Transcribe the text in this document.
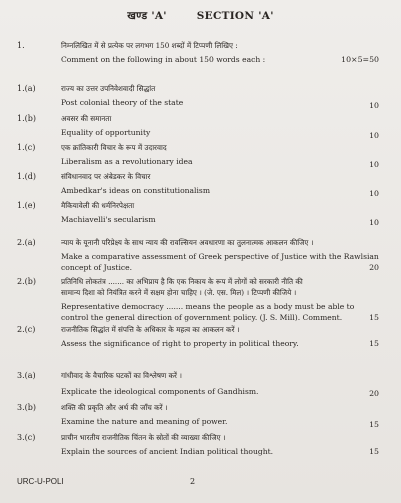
खण्ड 'A'	SECTION 'A'
1.	निम्नलिखित में से प्रत्येक पर लगभग 150 शब्दों में टिप्पणी लिखिए :
Comment on the following in about 150 words each :	10×5=50
1.(a)	राज्य का उत्तर उपनिवेशवादी सिद्धांत
Post colonial theory of the state	10
1.(b)	अवसर की समानता
Equality of opportunity	10
1.(c)	एक क्रांतिकारी विचार के रूप में उदारवाद
Liberalism as a revolutionary idea	10
1.(d)	संविधानवाद पर अंबेडकर के विचार
Ambedkar's ideas on constitutionalism	10
1.(e)	मैकियावेली की धर्मनिरपेक्षता
Machiavelli's secularism	10
2.(a)	न्याय के यूनानी परिप्रेक्ष्य के साथ न्याय की रावल्सियन अवधारणा का तुलनात्मक आकलन कीजिए ।
Make a comparative assessment of Greek perspective of Justice with the Rawlsian
concept of Justice.	20
2.(b)	प्रतिनिधि लोकतंत्र ....... का अभिप्राय है कि एक निकाय के रूप में लोगों को सरकारी नीति की
सामान्य दिशा को नियंत्रित करने में सक्षम होना चाहिए । (जे. एस. मिल) । टिप्पणी कीजिये ।
Representative democracy ....... means the people as a body must be able to
control the general direction of government policy. (J. S. Mill). Comment.	15
2.(c)	राजनीतिक सिद्धांत में संपत्ति के अधिकार के महत्व का आकलन करें ।
Assess the significance of right to property in political theory.	15
3.(a)	गांधीवाद के वैचारिक घटकों का विश्लेषण करें ।
Explicate the ideological components of Gandhism.	20
3.(b)	शक्ति की प्रकृति और अर्थ की जाँच करें ।
Examine the nature and meaning of power.	15
3.(c)	प्राचीन भारतीय राजनीतिक चिंतन के स्रोतों की व्याख्या कीजिए ।
Explain the sources of ancient Indian political thought.	15
URC-U-POLI	2
